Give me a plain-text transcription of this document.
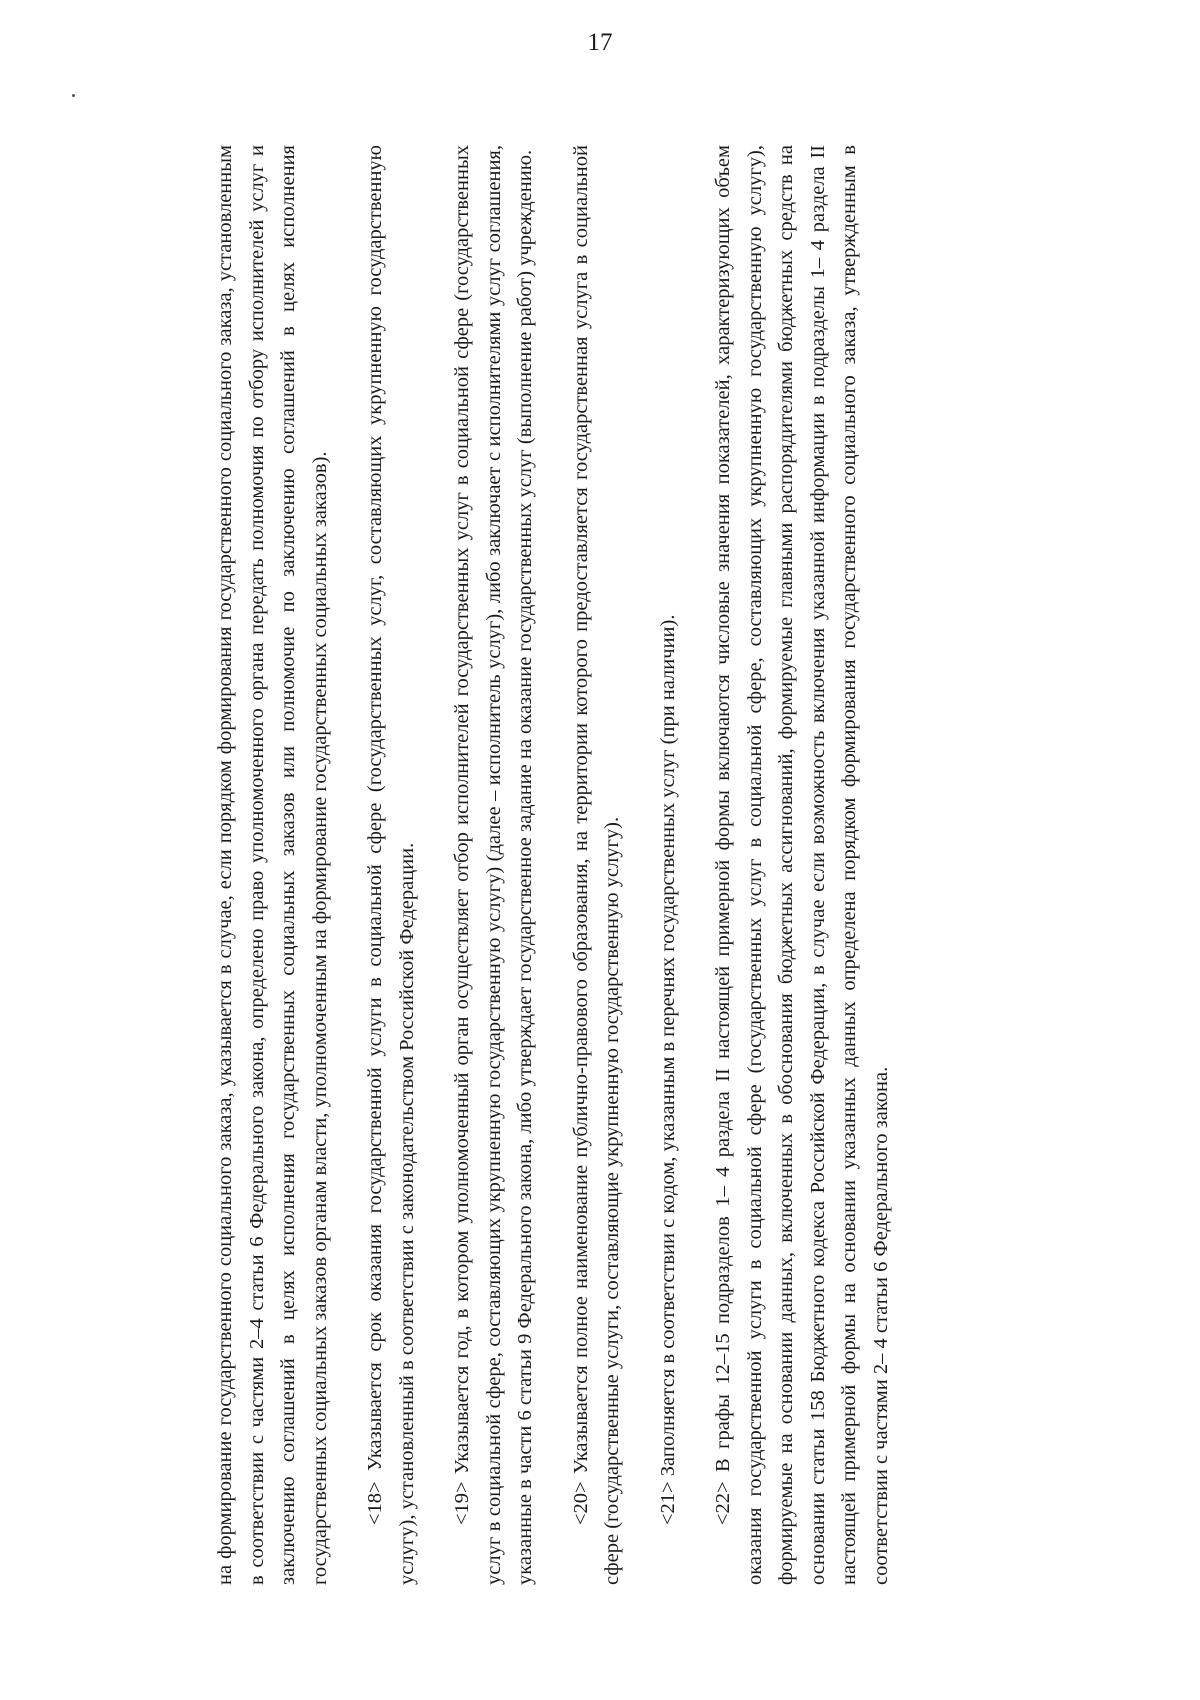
17

на формирование государственного социального заказа, указывается в случае, если порядком формирования государственного социального заказа, установленным в соответствии с частями 2–4 статьи 6 Федерального закона, определено право уполномоченного органа передать полномочия по отбору исполнителей услуг и заключению соглашений в целях исполнения государственных социальных заказов или полномочие по заключению соглашений в целях исполнения государственных социальных заказов органам власти, уполномоченным на формирование государственных социальных заказов). <18> Указывается срок оказания государственной услуги в социальной сфере (государственных услуг, составляющих укрупненную государственную услугу), установленный в соответствии с законодательством Российской Федерации. <19> Указывается год, в котором уполномоченный орган осуществляет отбор исполнителей государственных услуг в социальной сфере (государственных услуг в социальной сфере, составляющих укрупненную государственную услугу) (далее – исполнитель услуг), либо заключает с исполнителями услуг соглашения, указанные в части 6 статьи 9 Федерального закона, либо утверждает государственное задание на оказание государственных услуг (выполнение работ) учреждению. <20> Указывается полное наименование публично-правового образования, на территории которого предоставляется государственная услуга в социальной сфере (государственные услуги, составляющие укрупненную государственную услугу). <21> Заполняется в соответствии с кодом, указанным в перечнях государственных услуг (при наличии). <22> В графы 12–15 подразделов 1– 4 раздела II настоящей примерной формы включаются числовые значения показателей, характеризующих объем оказания государственной услуги в социальной сфере (государственных услуг в социальной сфере, составляющих укрупненную государственную услугу), формируемые на основании данных, включенных в обоснования бюджетных ассигнований, формируемые главными распорядителями бюджетных средств на основании статьи 158 Бюджетного кодекса Российской Федерации, в случае если возможность включения указанной информации в подразделы 1– 4 раздела II настоящей примерной формы на основании указанных данных определена порядком формирования государственного социального заказа, утвержденным в соответствии с частями 2– 4 статьи 6 Федерального закона.
